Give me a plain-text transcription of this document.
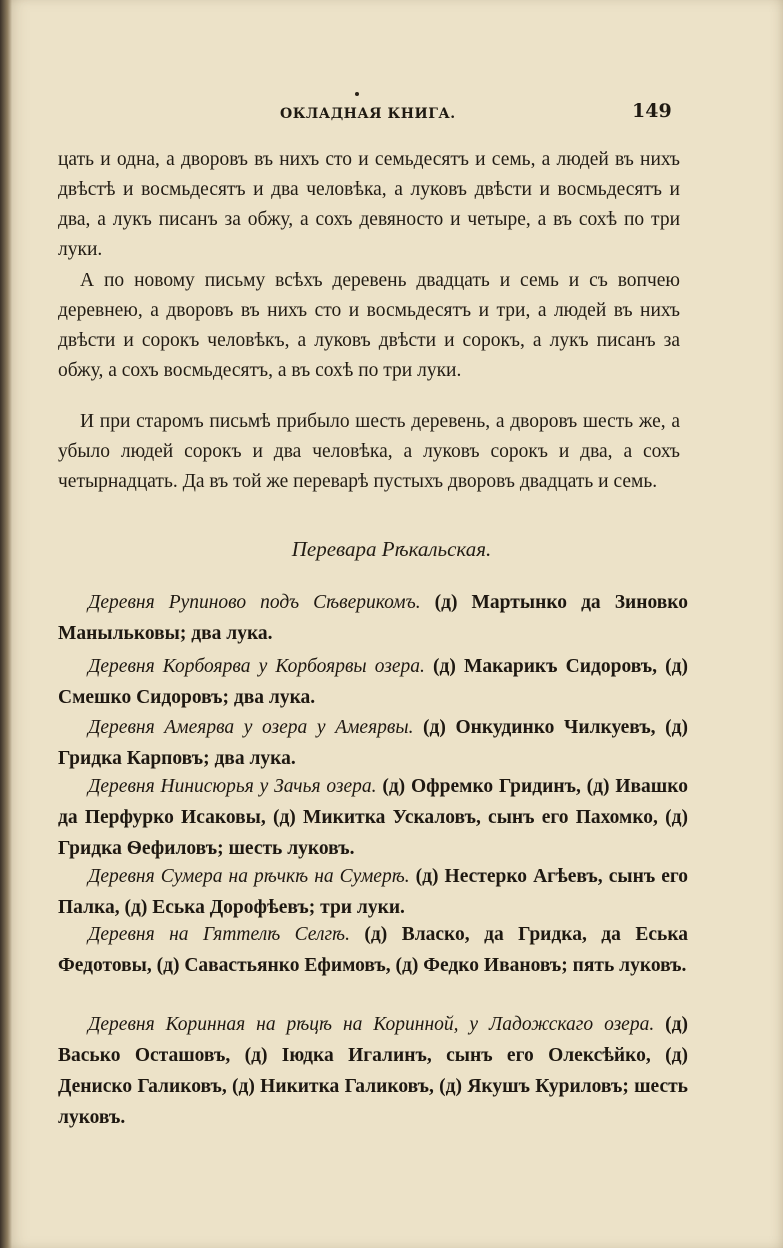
ОКЛАДНАЯ КНИГА.	149
цать и одна, а дворовъ въ нихъ сто и семьдесятъ и семь, а людей въ нихъ двѣстѣ и восмьдесятъ и два человѣка, а луковъ двѣсти и восмьдесятъ и два, а лукъ писанъ за обжу, а сохъ девяносто и четыре, а въ сохѣ по три луки.
А по новому письму всѣхъ деревень двадцать и семь и съ вопчею деревнею, а дворовъ въ нихъ сто и восмьдесятъ и три, а людей въ нихъ двѣсти и сорокъ человѣкъ, а луковъ двѣсти и сорокъ, а лукъ писанъ за обжу, а сохъ восмьдесятъ, а въ сохѣ по три луки.
И при старомъ письмѣ прибыло шесть деревень, а дворовъ шесть же, а убыло людей сорокъ и два человѣка, а луковъ сорокъ и два, а сохъ четырнадцать. Да въ той же переварѣ пустыхъ дворовъ двадцать и семь.
Перевара Рѣкальская.
Деревня Рупиново подъ Сѣверикомъ. (д) Мартынко да Зиновко Маныльковы; два лука.
Деревня Корбоярва у Корбоярвы озера. (д) Макарикъ Сидоровъ, (д) Смешко Сидоровъ; два лука.
Деревня Амеярва у озера у Амеярвы. (д) Онкудинко Чилкуевъ, (д) Гридка Карповъ; два лука.
Деревня Нинисюрья у Зачья озера. (д) Офремко Гридинъ, (д) Ивашко да Перфурко Исаковы, (д) Микитка Ускаловъ, сынъ его Пахомко, (д) Гридка Ѳефиловъ; шесть луковъ.
Деревня Сумера на рѣчкѣ на Сумерѣ. (д) Нестерко Агѣевъ, сынъ его Палка, (д) Еська Дорофѣевъ; три луки.
Деревня на Гяттелѣ Селгѣ. (д) Власко, да Гридка, да Еська Федотовы, (д) Савастьянко Ефимовъ, (д) Федко Ивановъ; пять луковъ.
Деревня Коринная на рѣцѣ на Коринной, у Ладожскаго озера. (д) Васько Осташовъ, (д) Іюдка Игалинъ, сынъ его Олексѣйко, (д) Дениско Галиковъ, (д) Никитка Галиковъ, (д) Якушъ Куриловъ; шесть луковъ.
